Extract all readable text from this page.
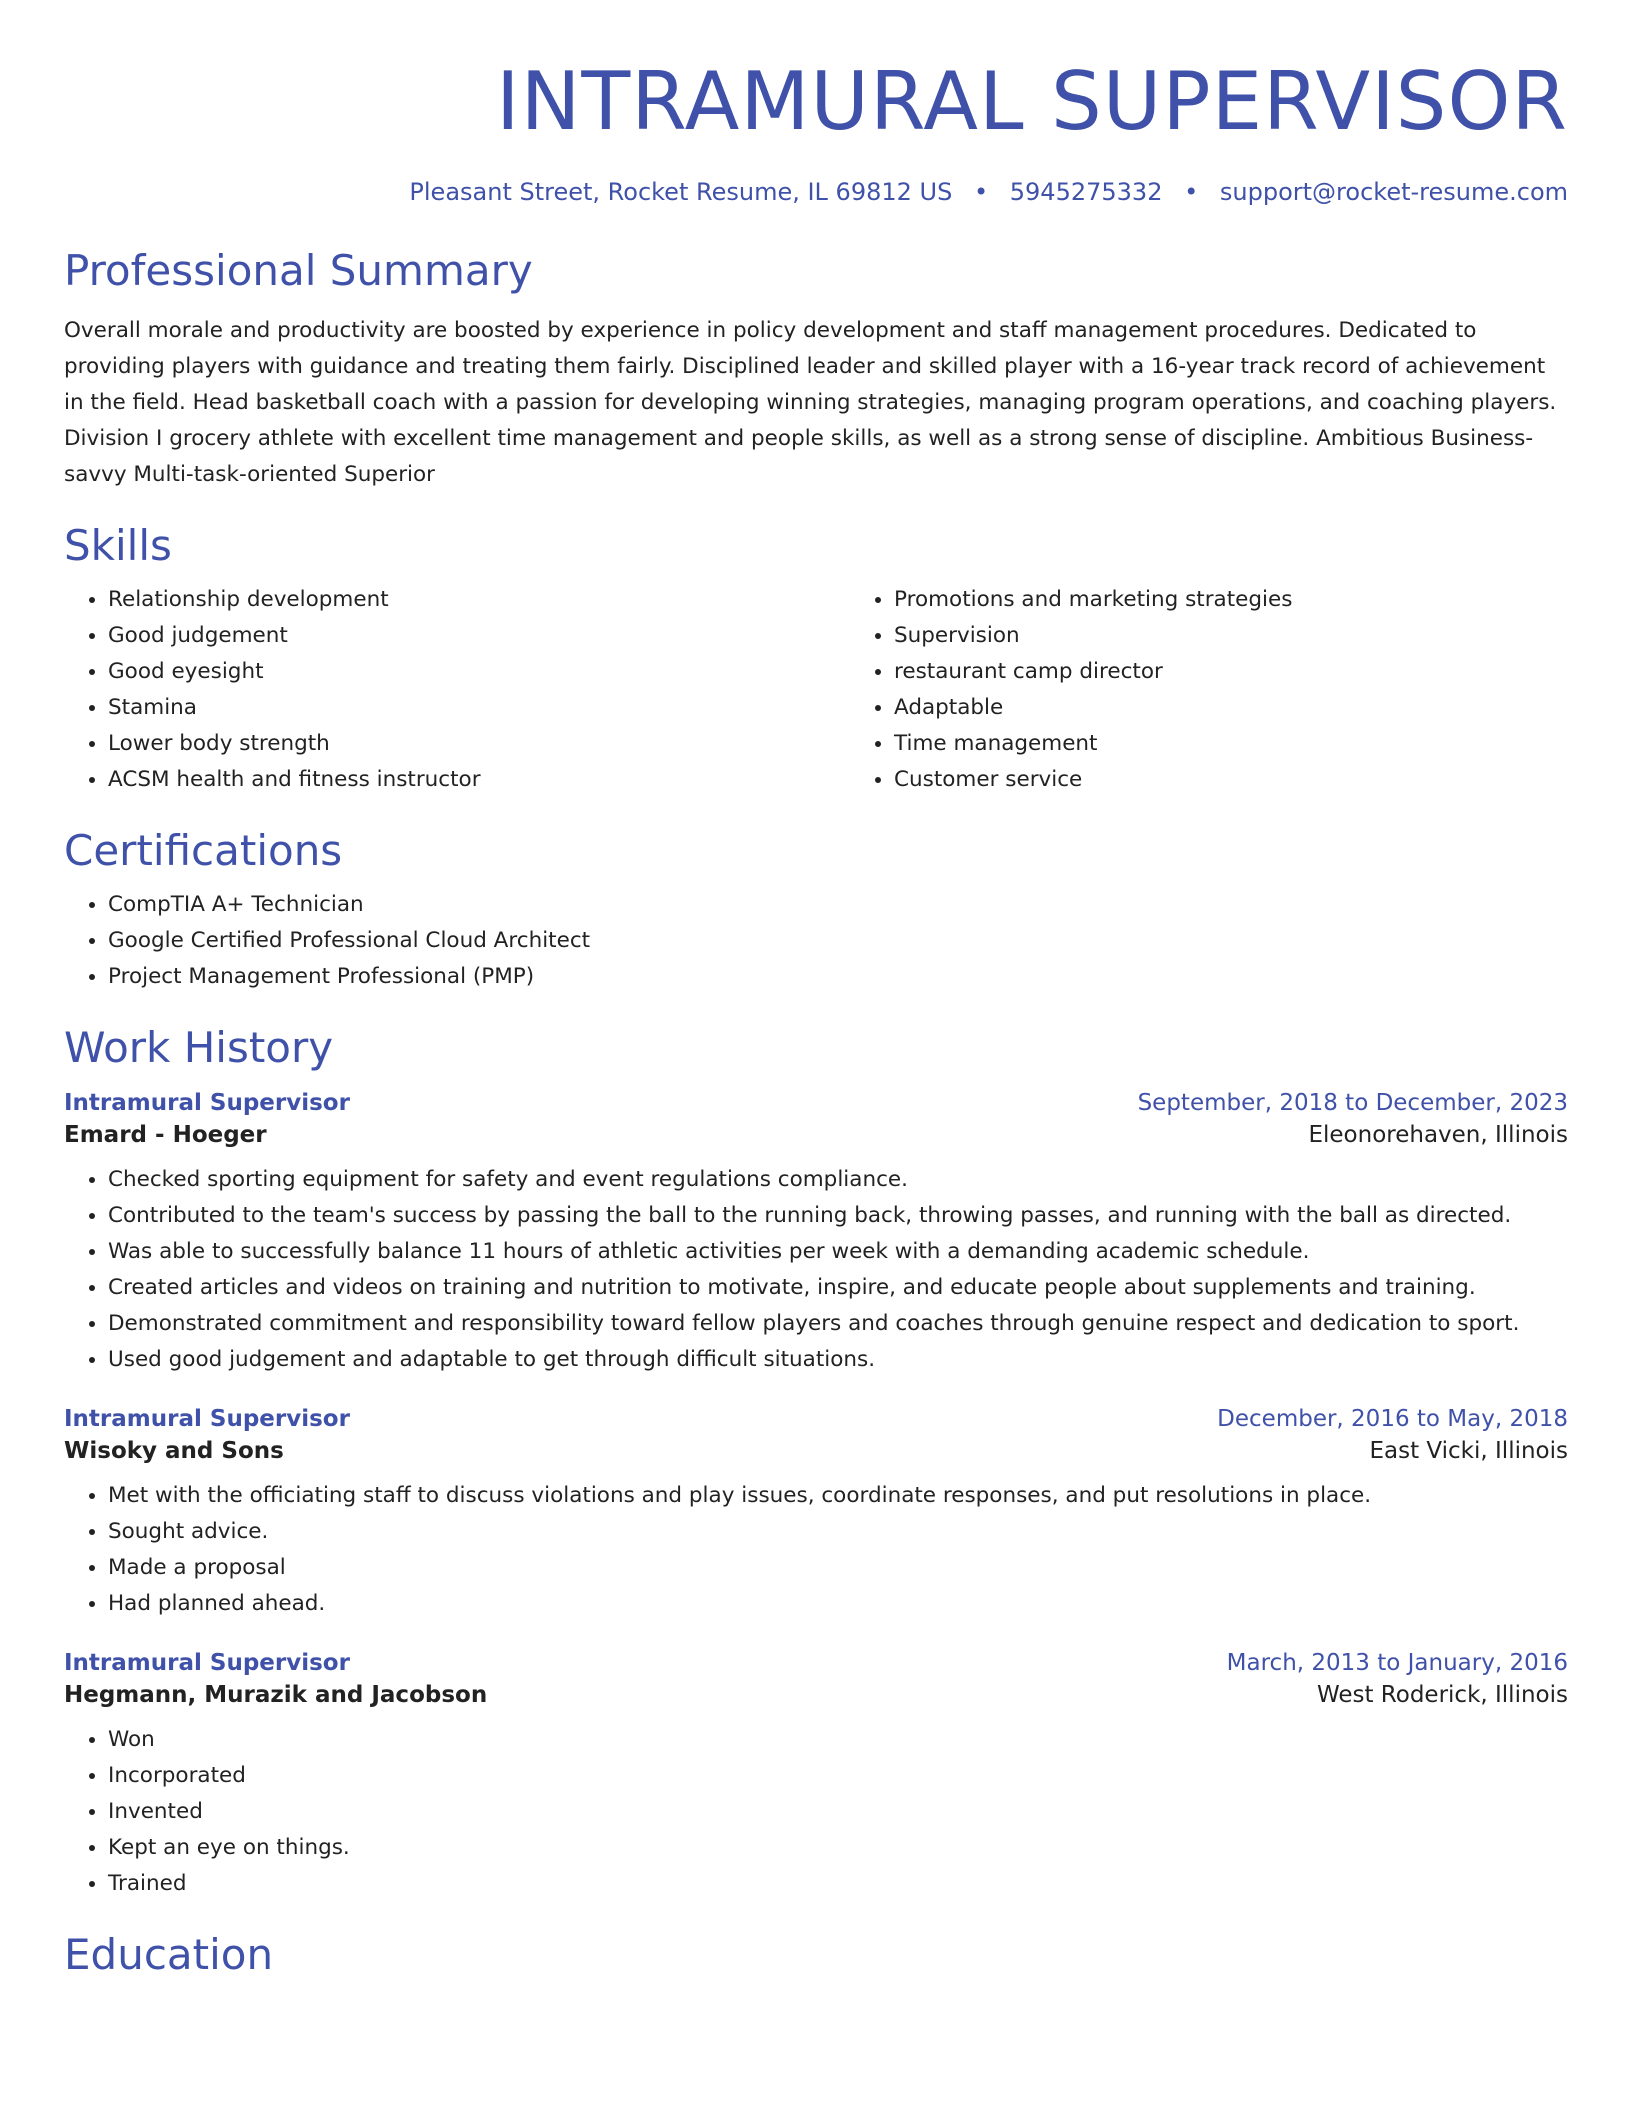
INTRAMURAL SUPERVISOR
Pleasant Street, Rocket Resume, IL 69812 US • 5945275332 • support@rocket-resume.com
Professional Summary

Overall morale and productivity are boosted by experience in policy development and staff management procedures. Dedicated to providing players with guidance and treating them fairly. Disciplined leader and skilled player with a 16-year track record of achievement in the field. Head basketball coach with a passion for developing winning strategies, managing program operations, and coaching players. Division I grocery athlete with excellent time management and people skills, as well as a strong sense of discipline. Ambitious Business-savvy Multi-task-oriented Superior

Skills
• Relationship development
• Good judgement
• Good eyesight
• Stamina
• Lower body strength
• ACSM health and fitness instructor
• Promotions and marketing strategies
• Supervision
• restaurant camp director
• Adaptable
• Time management
• Customer service
Certifications
• CompTIA A+ Technician
• Google Certified Professional Cloud Architect
• Project Management Professional (PMP)
Work History
Intramural Supervisor	September, 2018 to December, 2023
Emard - Hoeger	Eleonorehaven, Illinois
• Checked sporting equipment for safety and event regulations compliance.
• Contributed to the team's success by passing the ball to the running back, throwing passes, and running with the ball as directed.
• Was able to successfully balance 11 hours of athletic activities per week with a demanding academic schedule.
• Created articles and videos on training and nutrition to motivate, inspire, and educate people about supplements and training.
• Demonstrated commitment and responsibility toward fellow players and coaches through genuine respect and dedication to sport.
• Used good judgement and adaptable to get through difficult situations.
Intramural Supervisor	December, 2016 to May, 2018
Wisoky and Sons	East Vicki, Illinois
• Met with the officiating staff to discuss violations and play issues, coordinate responses, and put resolutions in place.
• Sought advice.
• Made a proposal
• Had planned ahead.
Intramural Supervisor	March, 2013 to January, 2016
Hegmann, Murazik and Jacobson	West Roderick, Illinois
• Won
• Incorporated
• Invented
• Kept an eye on things.
• Trained
Education
